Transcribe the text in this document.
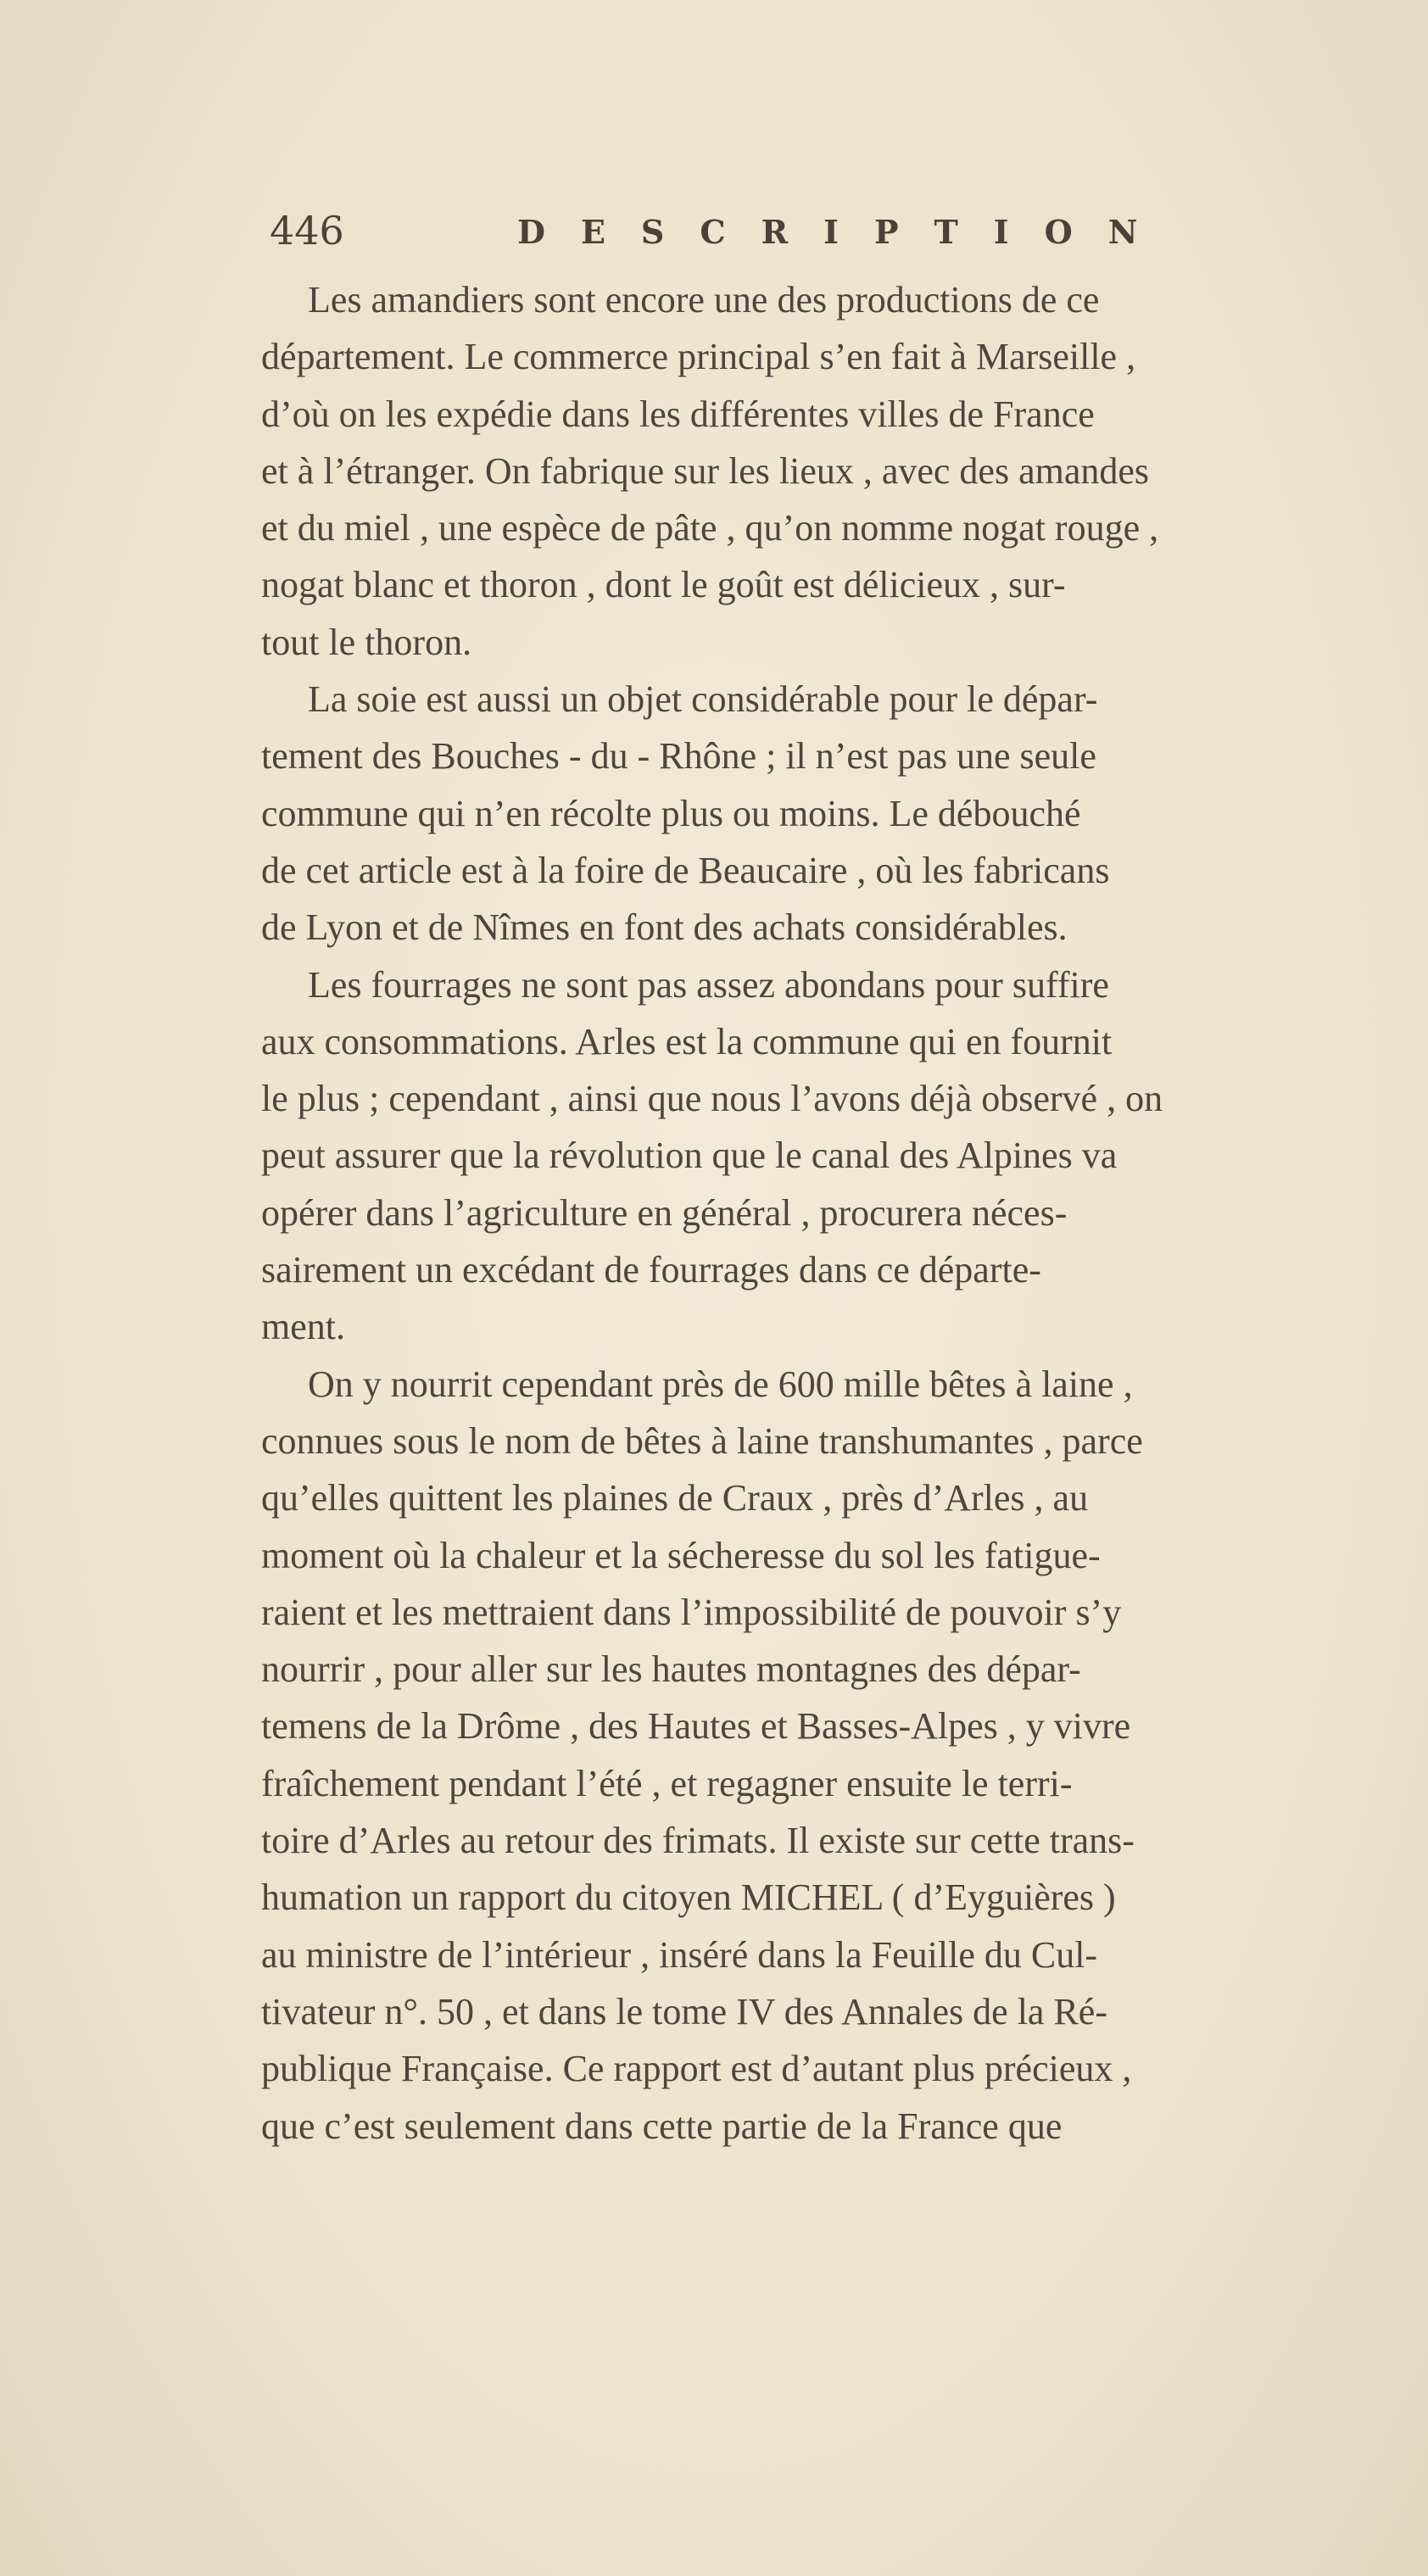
446	DESCRIPTION
Les amandiers sont encore une des productions de ce
département. Le commerce principal s’en fait à Marseille ,
d’où on les expédie dans les différentes villes de France
et à l’étranger. On fabrique sur les lieux , avec des amandes
et du miel , une espèce de pâte , qu’on nomme nogat rouge ,
nogat blanc et thoron , dont le goût est délicieux , sur-
tout le thoron.
La soie est aussi un objet considérable pour le dépar-
tement des Bouches - du - Rhône ; il n’est pas une seule
commune qui n’en récolte plus ou moins. Le débouché
de cet article est à la foire de Beaucaire , où les fabricans
de Lyon et de Nîmes en font des achats considérables.
Les fourrages ne sont pas assez abondans pour suffire
aux consommations. Arles est la commune qui en fournit
le plus ; cependant , ainsi que nous l’avons déjà observé , on
peut assurer que la révolution que le canal des Alpines va
opérer dans l’agriculture en général , procurera néces-
sairement un excédant de fourrages dans ce départe-
ment.
On y nourrit cependant près de 600 mille bêtes à laine ,
connues sous le nom de bêtes à laine transhumantes , parce
qu’elles quittent les plaines de Craux , près d’Arles , au
moment où la chaleur et la sécheresse du sol les fatigue-
raient et les mettraient dans l’impossibilité de pouvoir s’y
nourrir , pour aller sur les hautes montagnes des dépar-
temens de la Drôme , des Hautes et Basses-Alpes , y vivre
fraîchement pendant l’été , et regagner ensuite le terri-
toire d’Arles au retour des frimats. Il existe sur cette trans-
humation un rapport du citoyen MICHEL ( d’Eyguières )
au ministre de l’intérieur , inséré dans la Feuille du Cul-
tivateur n°. 50 , et dans le tome IV des Annales de la Ré-
publique Française. Ce rapport est d’autant plus précieux ,
que c’est seulement dans cette partie de la France que
